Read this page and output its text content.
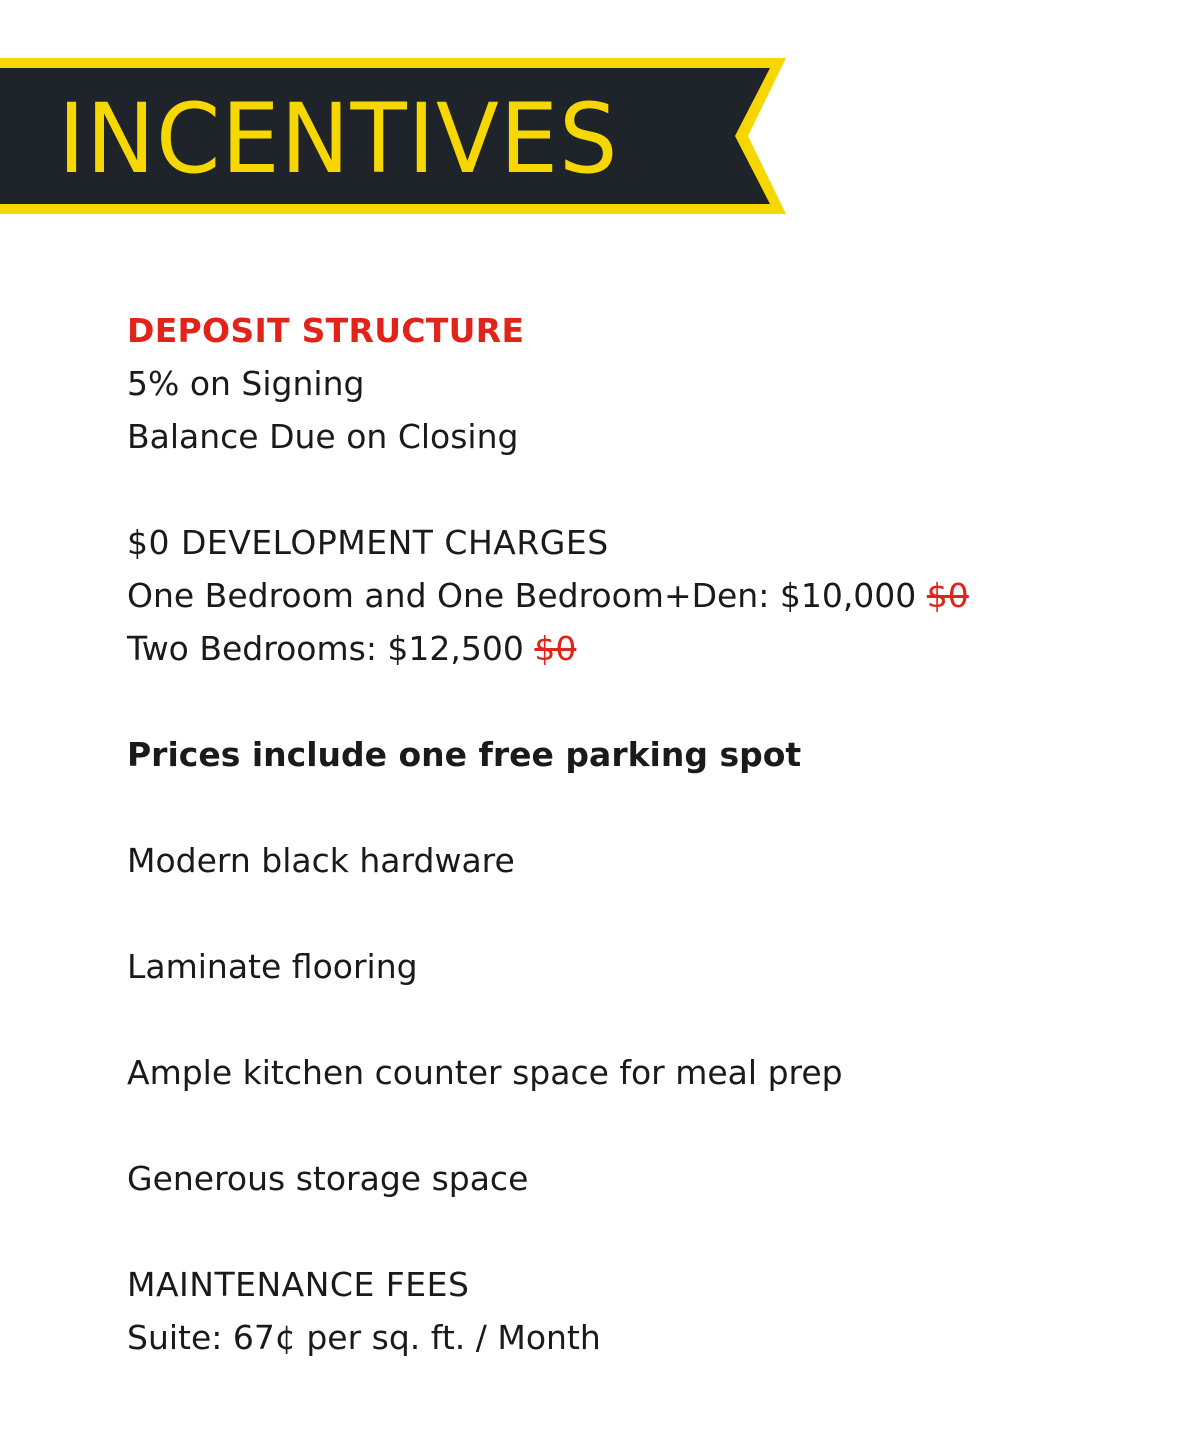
INCENTIVES
DEPOSIT STRUCTURE
5% on Signing
Balance Due on Closing
$0 DEVELOPMENT CHARGES
One Bedroom and One Bedroom+Den: $10,000 $0
Two Bedrooms: $12,500 $0
Prices include one free parking spot
Modern black hardware
Laminate flooring
Ample kitchen counter space for meal prep
Generous storage space
MAINTENANCE FEES
Suite: 67¢ per sq. ft. / Month
